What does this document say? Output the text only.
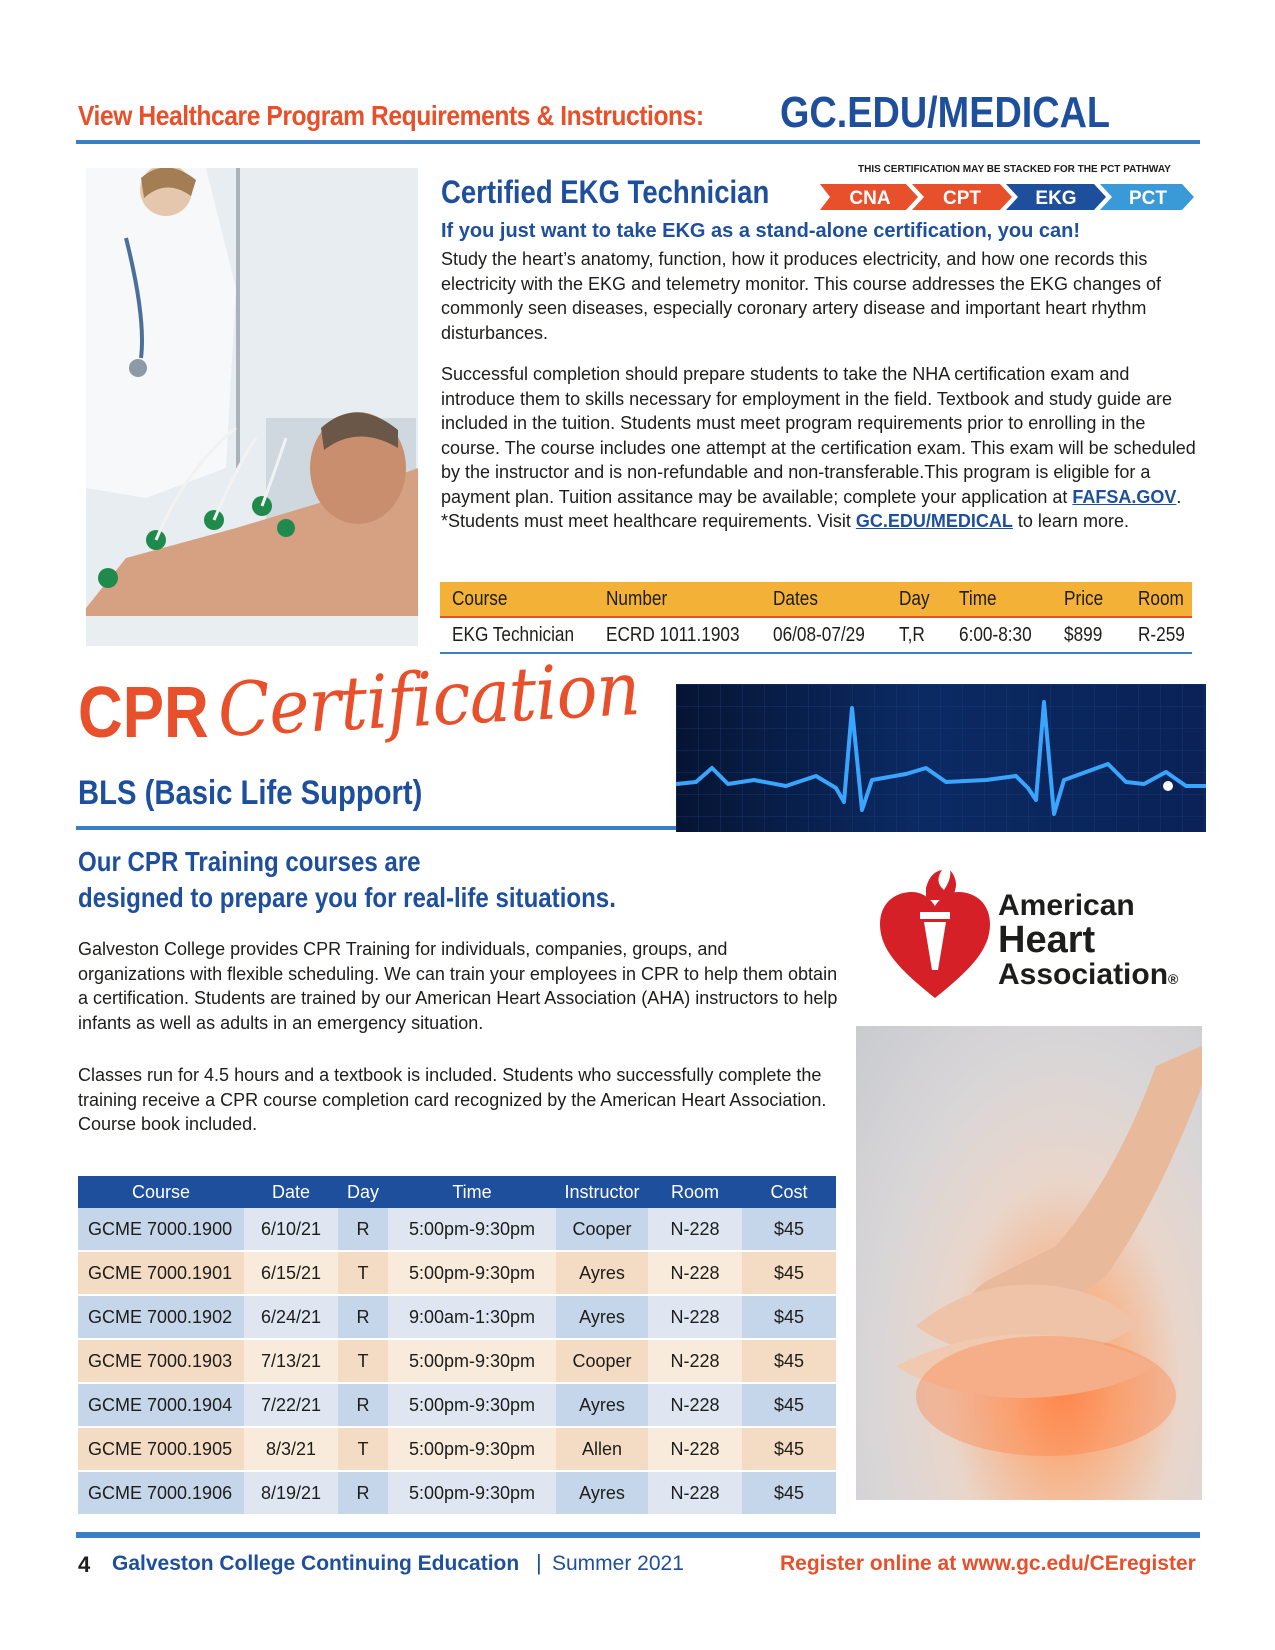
View Healthcare Program Requirements & Instructions: GC.EDU/MEDICAL
Certified EKG Technician
THIS CERTIFICATION MAY BE STACKED FOR THE PCT PATHWAY
CNA	CPT	EKG	PCT
If you just want to take EKG as a stand-alone certification, you can!
Study the heart’s anatomy, function, how it produces electricity, and how one records this electricity with the EKG and telemetry monitor. This course addresses the EKG changes of commonly seen diseases, especially coronary artery disease and important heart rhythm disturbances.
Successful completion should prepare students to take the NHA certification exam and introduce them to skills necessary for employment in the field. Textbook and study guide are included in the tuition. Students must meet program requirements prior to enrolling in the course. The course includes one attempt at the certification exam. This exam will be scheduled by the instructor and is non-refundable and non-transferable.This program is eligible for a payment plan. Tuition assitance may be available; complete your application at FAFSA.GOV. *Students must meet healthcare requirements. Visit GC.EDU/MEDICAL to learn more.
Course	Number	Dates	Day	Time	Price	Room
EKG Technician	ECRD 1011.1903	06/08-07/29	T,R	6:00-8:30	$899	R-259
CPR Certification
BLS (Basic Life Support)
Our CPR Training courses are
designed to prepare you for real-life situations.
Galveston College provides CPR Training for individuals, companies, groups, and organizations with flexible scheduling. We can train your employees in CPR to help them obtain a certification. Students are trained by our American Heart Association (AHA) instructors to help infants as well as adults in an emergency situation.
Classes run for 4.5 hours and a textbook is included. Students who successfully complete the training receive a CPR course completion card recognized by the American Heart Association. Course book included.
American
Heart
Association®
Course	Date	Day	Time	Instructor	Room	Cost
GCME 7000.1900	6/10/21	R	5:00pm-9:30pm	Cooper	N-228	$45
GCME 7000.1901	6/15/21	T	5:00pm-9:30pm	Ayres	N-228	$45
GCME 7000.1902	6/24/21	R	9:00am-1:30pm	Ayres	N-228	$45
GCME 7000.1903	7/13/21	T	5:00pm-9:30pm	Cooper	N-228	$45
GCME 7000.1904	7/22/21	R	5:00pm-9:30pm	Ayres	N-228	$45
GCME 7000.1905	8/3/21	T	5:00pm-9:30pm	Allen	N-228	$45
GCME 7000.1906	8/19/21	R	5:00pm-9:30pm	Ayres	N-228	$45
4 Galveston College Continuing Education | Summer 2021	Register online at www.gc.edu/CEregister
